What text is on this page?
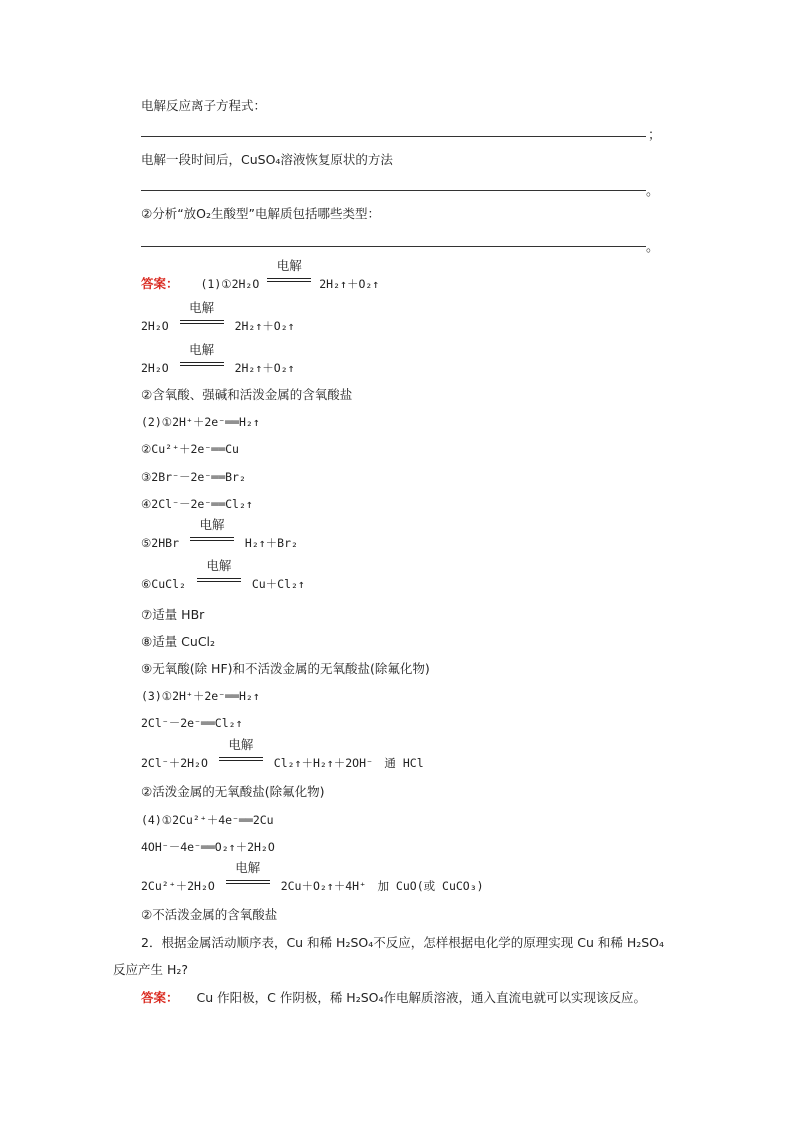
电解反应离子方程式：
；
电解一段时间后，CuSO₄溶液恢复原状的方法
。
②分析“放O₂生酸型”电解质包括哪些类型：
。
答案： (1)①2H₂O
电解
2H₂↑＋O₂↑
2H₂O
电解
2H₂↑＋O₂↑
2H₂O
电解
2H₂↑＋O₂↑
②含氧酸、强碱和活泼金属的含氧酸盐
(2)①2H⁺＋2e⁻══H₂↑
②Cu²⁺＋2e⁻══Cu
③2Br⁻－2e⁻══Br₂
④2Cl⁻－2e⁻══Cl₂↑
⑤2HBr
电解
H₂↑＋Br₂
⑥CuCl₂
电解
Cu＋Cl₂↑
⑦适量 HBr
⑧适量 CuCl₂
⑨无氧酸(除 HF)和不活泼金属的无氧酸盐(除氟化物)
(3)①2H⁺＋2e⁻══H₂↑
2Cl⁻－2e⁻══Cl₂↑
2Cl⁻＋2H₂O
电解
Cl₂↑＋H₂↑＋2OH⁻　通 HCl
②活泼金属的无氧酸盐(除氟化物)
(4)①2Cu²⁺＋4e⁻══2Cu
4OH⁻－4e⁻══O₂↑＋2H₂O
2Cu²⁺＋2H₂O
电解
2Cu＋O₂↑＋4H⁺　加 CuO(或 CuCO₃)
②不活泼金属的含氧酸盐
2．根据金属活动顺序表，Cu 和稀 H₂SO₄不反应，怎样根据电化学的原理实现 Cu 和稀 H₂SO₄
反应产生 H₂?
答案： Cu 作阳极，C 作阴极，稀 H₂SO₄作电解质溶液，通入直流电就可以实现该反应。
